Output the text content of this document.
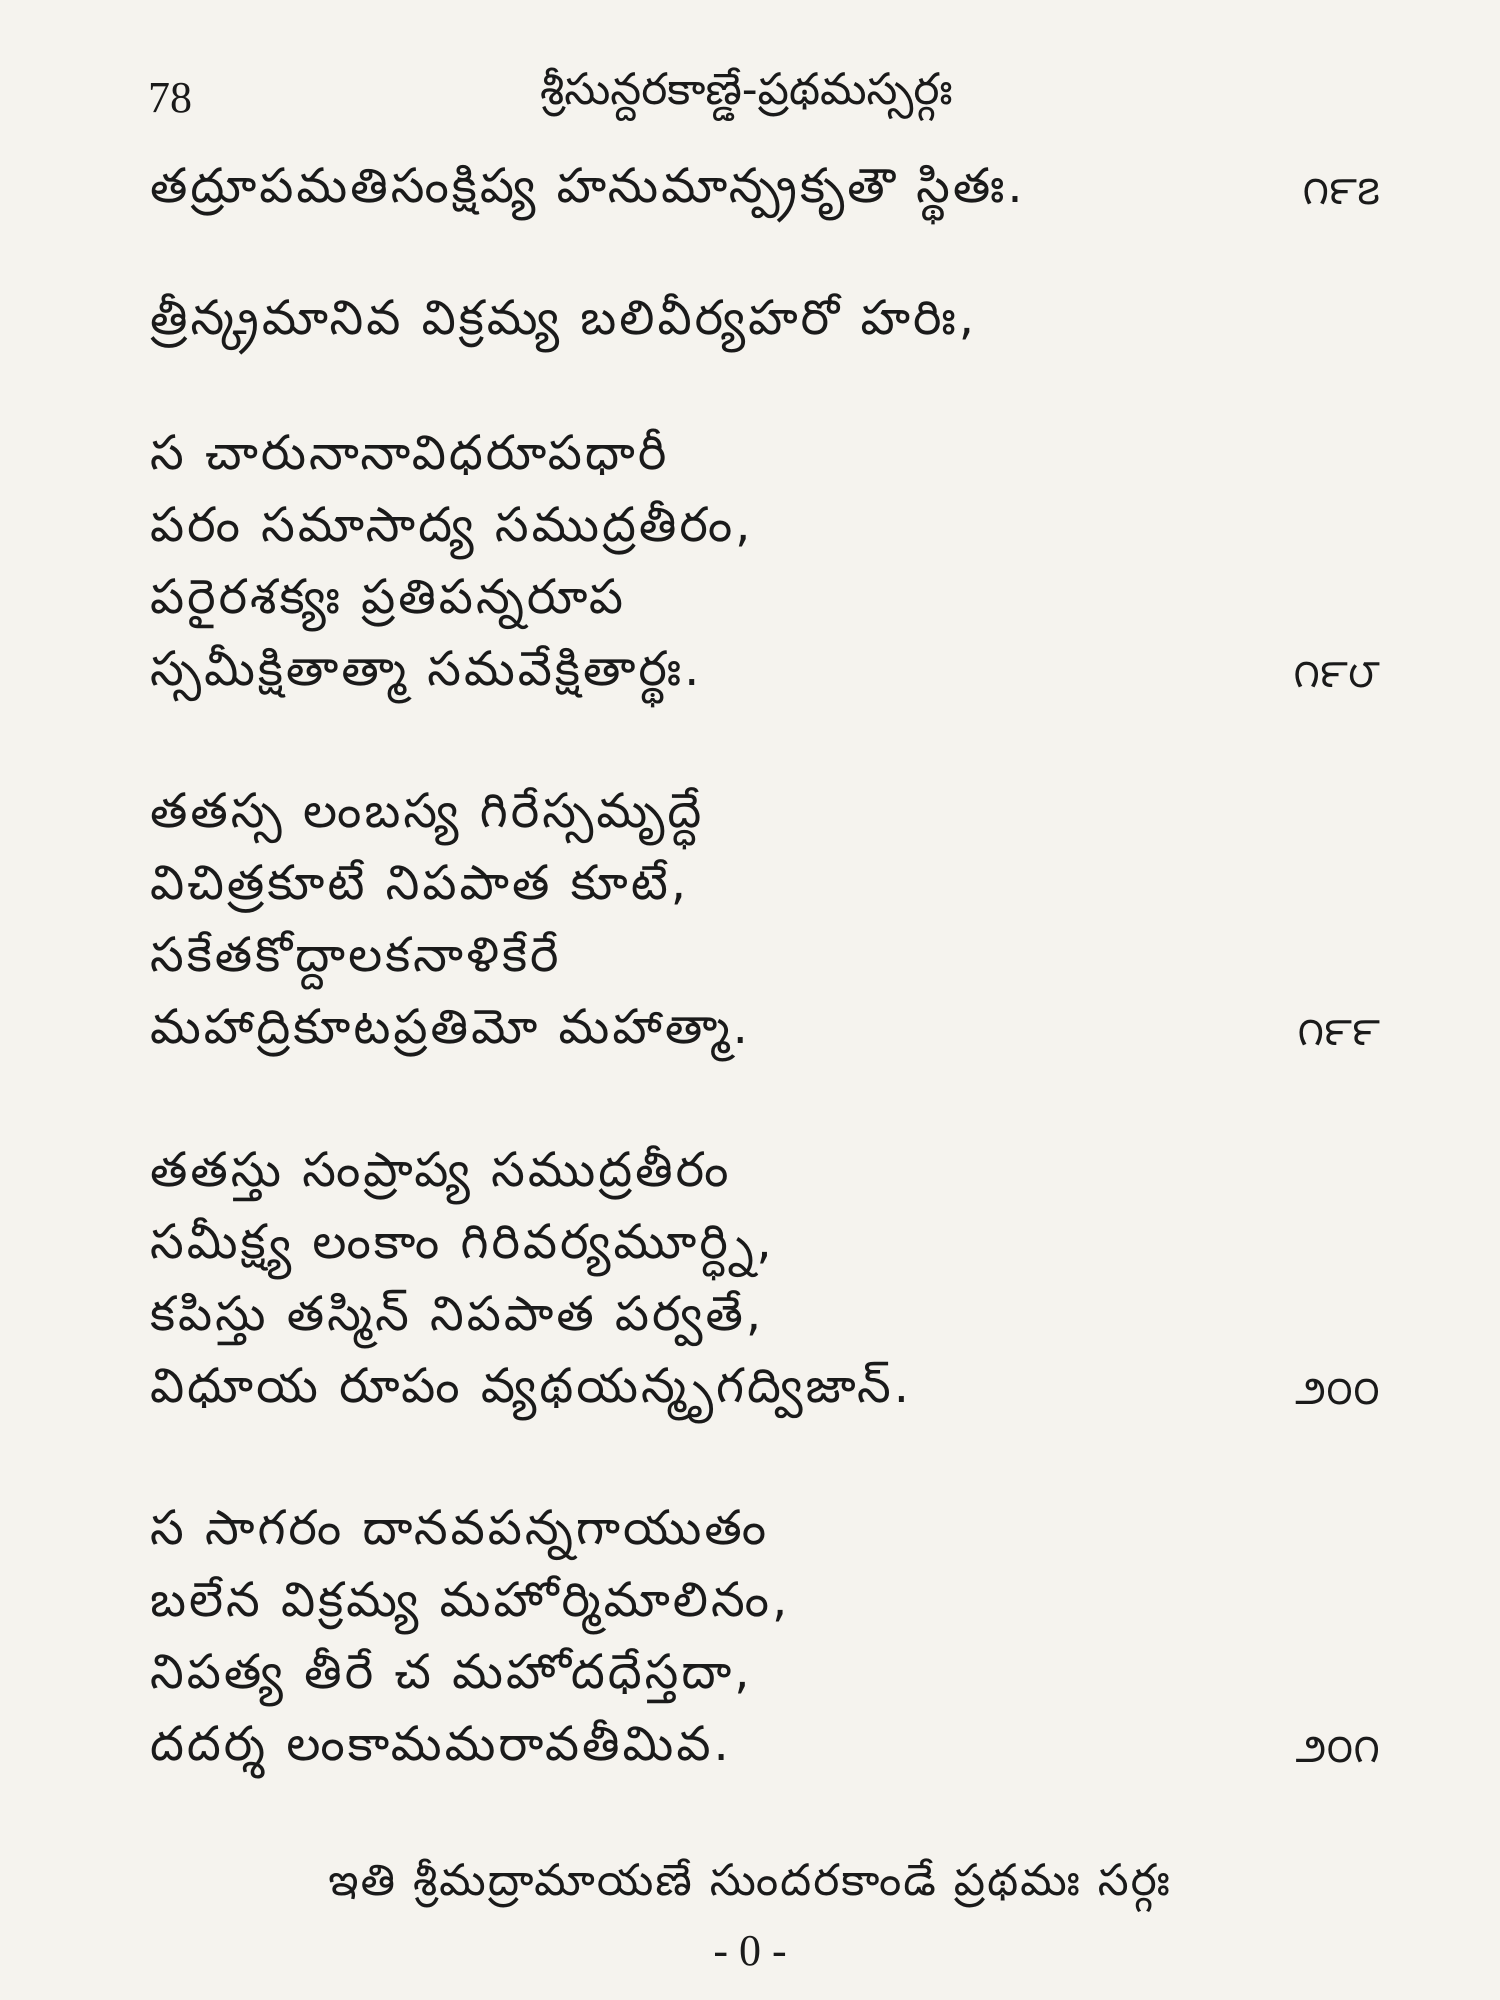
78	శ్రీసున్దరకాణ్డే-ప్రథమస్సర్గః
తద్రూపమతిసంక్షిప్య హనుమాన్ప్రకృతౌ స్థితః.	౧౯౭
త్రీన్క్రమానివ విక్రమ్య బలివీర్యహరో హరిః,
స చారునానావిధరూపధారీ
పరం సమాసాద్య సముద్రతీరం,
పరైరశక్యః ప్రతిపన్నరూప
స్సమీక్షితాత్మా సమవేక్షితార్థః.	౧౯౮
తతస్స లంబస్య గిరేస్సమృద్ధే
విచిత్రకూటే నిపపాత కూటే,
సకేతకోద్దాలకనాళికేరే
మహాద్రికూటప్రతిమో మహాత్మా.	౧౯౯
తతస్తు సంప్రాప్య సముద్రతీరం
సమీక్ష్య లంకాం గిరివర్యమూర్ధ్ని,
కపిస్తు తస్మిన్ నిపపాత పర్వతే,
విధూయ రూపం వ్యథయన్మృగద్విజాన్.	౨౦౦
స సాగరం దానవపన్నగాయుతం
బలేన విక్రమ్య మహోర్మిమాలినం,
నిపత్య తీరే చ మహోదధేస్తదా,
దదర్శ లంకామమరావతీమివ.	౨౦౧
ఇతి శ్రీమద్రామాయణే సుందరకాండే ప్రథమః సర్గః
- 0 -
